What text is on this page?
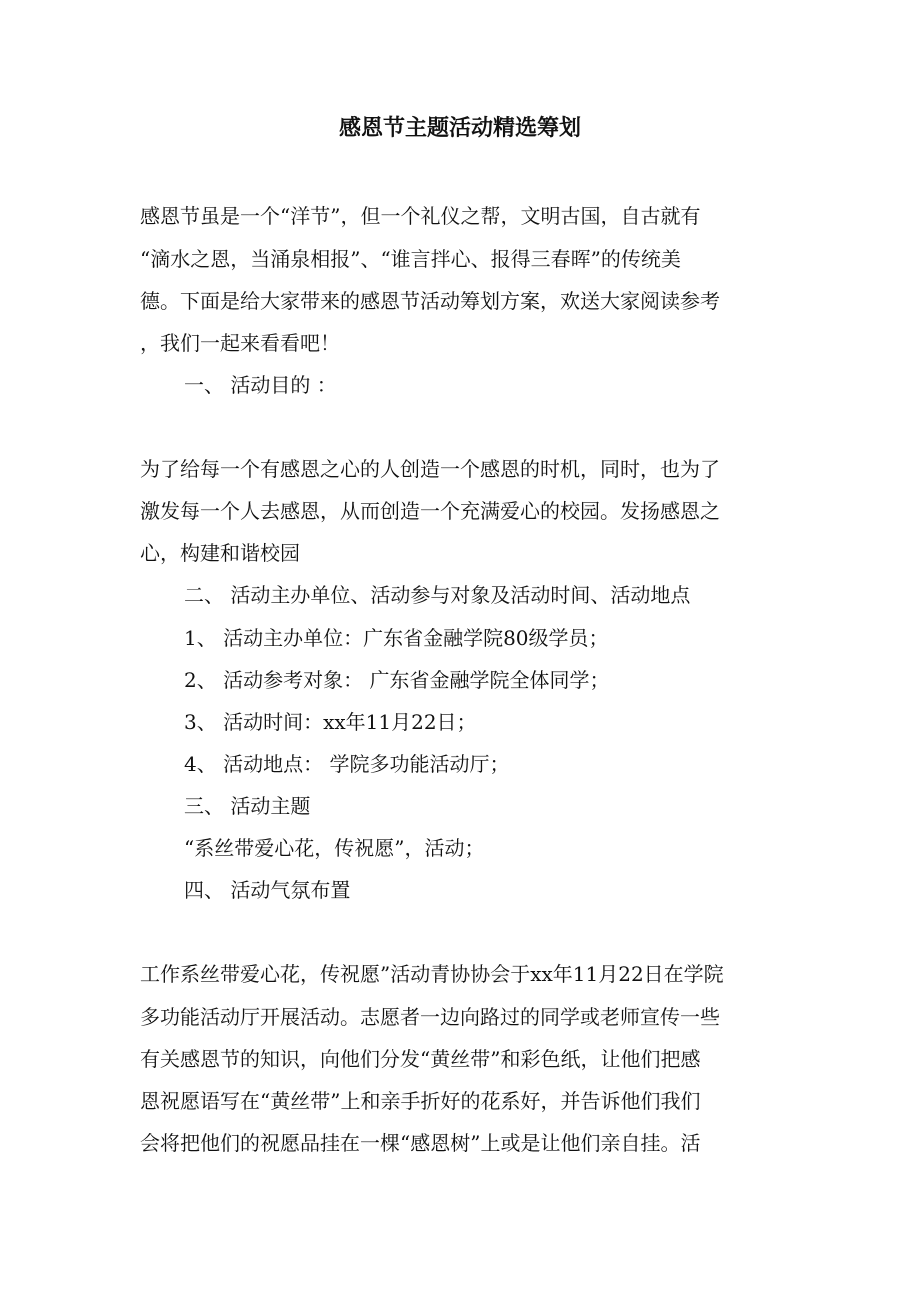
感恩节主题活动精选筹划
感恩节虽是一个“洋节”，但一个礼仪之帮，文明古国，自古就有
“滴水之恩，当涌泉相报”、“谁言拌心、报得三春晖”的传统美
德。下面是给大家带来的感恩节活动筹划方案，欢送大家阅读参考
，我们一起来看看吧！
一、 活动目的 ：
为了给每一个有感恩之心的人创造一个感恩的时机，同时，也为了
激发每一个人去感恩，从而创造一个充满爱心的校园。发扬感恩之
心，构建和谐校园
二、 活动主办单位、活动参与对象及活动时间、活动地点
1、 活动主办单位：广东省金融学院80级学员；
2、 活动参考对象： 广东省金融学院全体同学；
3、 活动时间：xx年11月22日；
4、 活动地点： 学院多功能活动厅；
三、 活动主题
“系丝带爱心花，传祝愿”，活动；
四、 活动气氛布置
工作系丝带爱心花，传祝愿”活动青协协会于xx年11月22日在学院
多功能活动厅开展活动。志愿者一边向路过的同学或老师宣传一些
有关感恩节的知识，向他们分发“黄丝带”和彩色纸，让他们把感
恩祝愿语写在“黄丝带”上和亲手折好的花系好，并告诉他们我们
会将把他们的祝愿品挂在一棵“感恩树”上或是让他们亲自挂。活
